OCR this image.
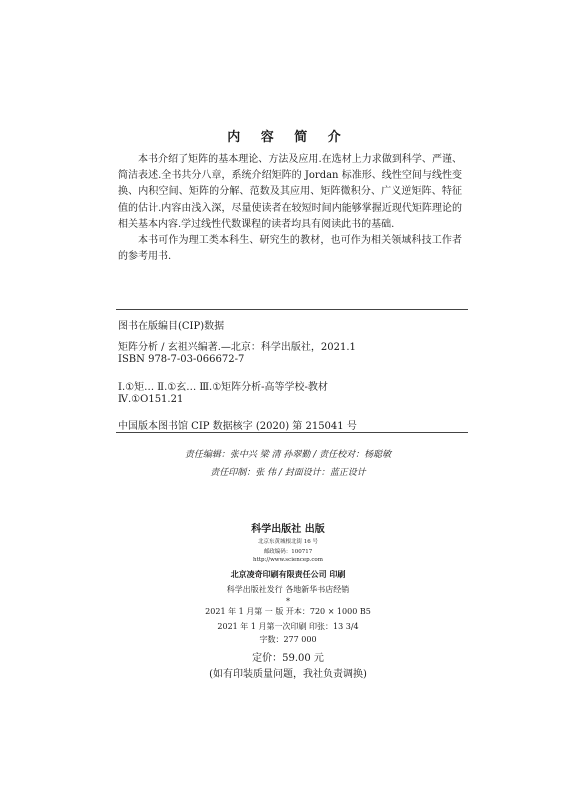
内 容 简 介

本书介绍了矩阵的基本理论、方法及应用.在选材上力求做到科学、严谨、简洁表述.全书共分八章，系统介绍矩阵的 Jordan 标准形、线性空间与线性变换、内积空间、矩阵的分解、范数及其应用、矩阵微积分、广义逆矩阵、特征值的估计.内容由浅入深，尽量使读者在较短时间内能够掌握近现代矩阵理论的相关基本内容.学过线性代数课程的读者均具有阅读此书的基础.

本书可作为理工类本科生、研究生的教材，也可作为相关领域科技工作者的参考用书.

图书在版编目(CIP)数据
矩阵分析 / 玄祖兴编著.—北京：科学出版社，2021.1
ISBN 978-7-03-066672-7
Ⅰ.①矩… Ⅱ.①玄… Ⅲ.①矩阵分析-高等学校-教材
Ⅳ.①O151.21
中国版本图书馆 CIP 数据核字 (2020) 第 215041 号
责任编辑：张中兴 梁 清 孙翠勤 / 责任校对：杨聪敏
责任印制：张 伟 / 封面设计：蓝正设计
科学出版社 出版
北京东黄城根北街 16 号
邮政编码：100717
http://www.sciencep.com
北京凌奇印刷有限责任公司 印刷
科学出版社发行 各地新华书店经销
*
2021 年 1 月第 一 版 开本：720 × 1000 B5
2021 年 1 月第一次印刷 印张：13 3/4
字数：277 000
定价：59.00 元
(如有印装质量问题，我社负责调换)
